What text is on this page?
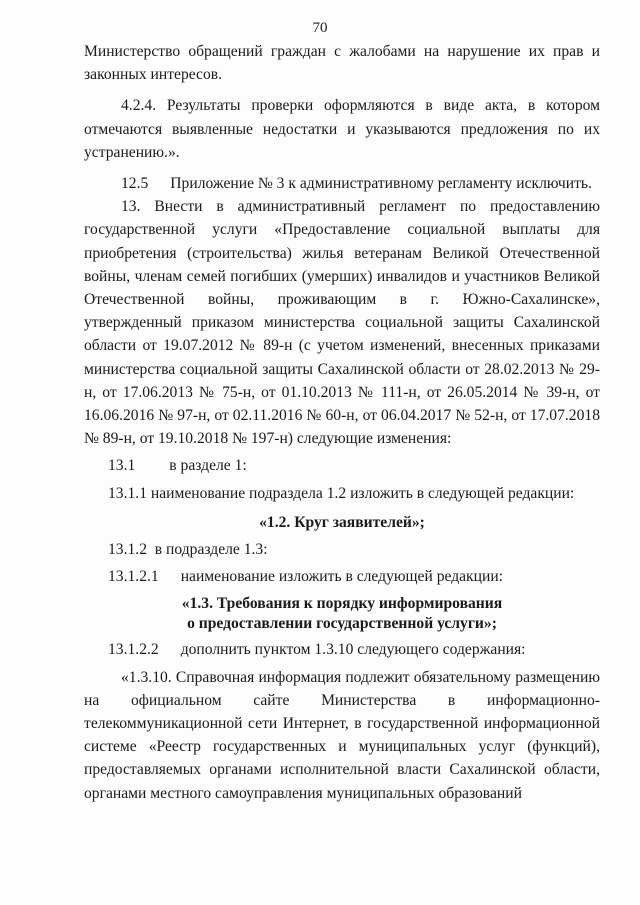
70

Министерство обращений граждан с жалобами на нарушение их прав и законных интересов.

4.2.4. Результаты проверки оформляются в виде акта, в котором отмечаются выявленные недостатки и указываются предложения по их устранению.».

12.5 Приложение № 3 к административному регламенту исключить.

13. Внести в административный регламент по предоставлению государственной услуги «Предоставление социальной выплаты для приобретения (строительства) жилья ветеранам Великой Отечественной войны, членам семей погибших (умерших) инвалидов и участников Великой Отечественной войны, проживающим в г. Южно-Сахалинске», утвержденный приказом министерства социальной защиты Сахалинской области от 19.07.2012 № 89-н (с учетом изменений, внесенных приказами министерства социальной защиты Сахалинской области от 28.02.2013 № 29-н, от 17.06.2013 № 75-н, от 01.10.2013 № 111-н, от 26.05.2014 № 39-н, от 16.06.2016 № 97-н, от 02.11.2016 № 60-н, от 06.04.2017 № 52-н, от 17.07.2018 № 89-н, от 19.10.2018 № 197-н) следующие изменения:

13.1 в разделе 1:

13.1.1 наименование подраздела 1.2 изложить в следующей редакции:

«1.2. Круг заявителей»;

13.1.2 в подразделе 1.3:

13.1.2.1 наименование изложить в следующей редакции:

«1.3. Требования к порядку информирования
о предоставлении государственной услуги»;

13.1.2.2 дополнить пунктом 1.3.10 следующего содержания:

«1.3.10. Справочная информация подлежит обязательному размещению на официальном сайте Министерства в информационно-телекоммуникационной сети Интернет, в государственной информационной системе «Реестр государственных и муниципальных услуг (функций), предоставляемых органами исполнительной власти Сахалинской области, органами местного самоуправления муниципальных образований
